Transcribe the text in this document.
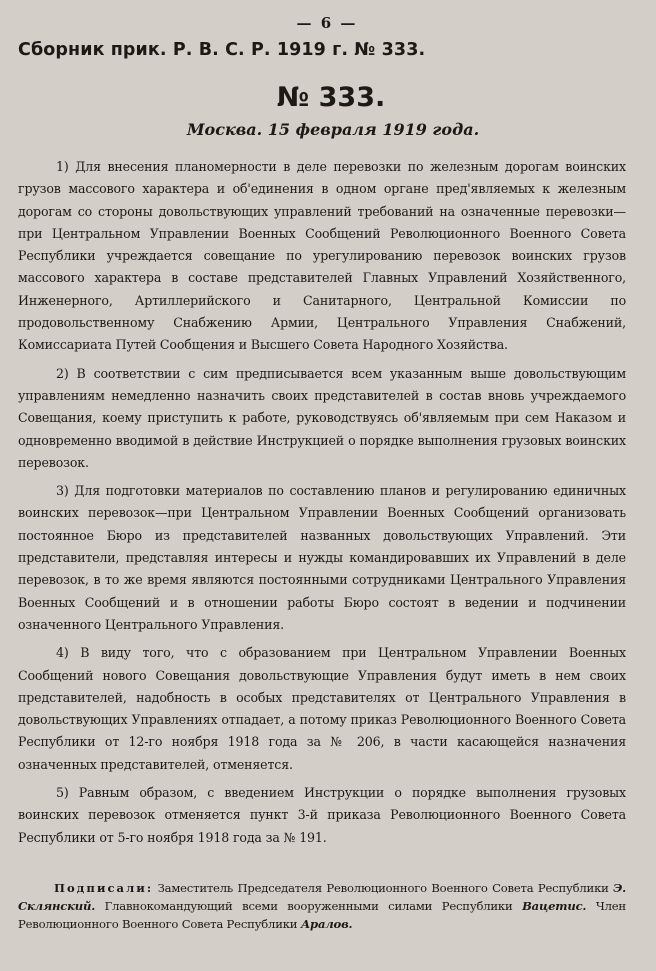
— 6 —
Сборник прик. Р. В. С. Р. 1919 г. № 333.
№ 333.
Москва. 15 февраля 1919 года.

1) Для внесения планомерности в деле перевозки по железным дорогам воинских грузов массового характера и об'единения в одном органе пред'являемых к железным дорогам со стороны довольствующих управлений требований на означенные перевозки—при Центральном Управлении Военных Сообщений Революционного Военного Совета Республики учреждается совещание по урегулированию перевозок воинских грузов массового характера в составе представителей Главных Управлений Хозяйственного, Инженерного, Артиллерийского и Санитарного, Центральной Комиссии по продовольственному Снабжению Армии, Центрального Управления Снабжений, Комиссариата Путей Сообщения и Высшего Совета Народного Хозяйства.

2) В соответствии с сим предписывается всем указанным выше довольствующим управлениям немедленно назначить своих представителей в состав вновь учреждаемого Совещания, коему приступить к работе, руководствуясь об'являемым при сем Наказом и одновременно вводимой в действие Инструкцией о порядке выполнения грузовых воинских перевозок.

3) Для подготовки материалов по составлению планов и регулированию единичных воинских перевозок—при Центральном Управлении Военных Сообщений организовать постоянное Бюро из представителей названных довольствующих Управлений. Эти представители, представляя интересы и нужды командировавших их Управлений в деле перевозок, в то же время являются постоянными сотрудниками Центрального Управления Военных Сообщений и в отношении работы Бюро состоят в ведении и подчинении означенного Центрального Управления.

4) В виду того, что с образованием при Центральном Управлении Военных Сообщений нового Совещания довольствующие Управления будут иметь в нем своих представителей, надобность в особых представителях от Центрального Управления в довольствующих Управлениях отпадает, а потому приказ Революционного Военного Совета Республики от 12-го ноября 1918 года за № 206, в части касающейся назначения означенных представителей, отменяется.

5) Равным образом, с введением Инструкции о порядке выполнения грузовых воинских перевозок отменяется пункт 3-й приказа Революционного Военного Совета Республики от 5-го ноября 1918 года за № 191.

Подписали: Заместитель Председателя Революционного Военного Совета Республики Э. Склянский. Главнокомандующий всеми вооруженными силами Республики Вацетис. Член Революционного Военного Совета Республики Аралов.
